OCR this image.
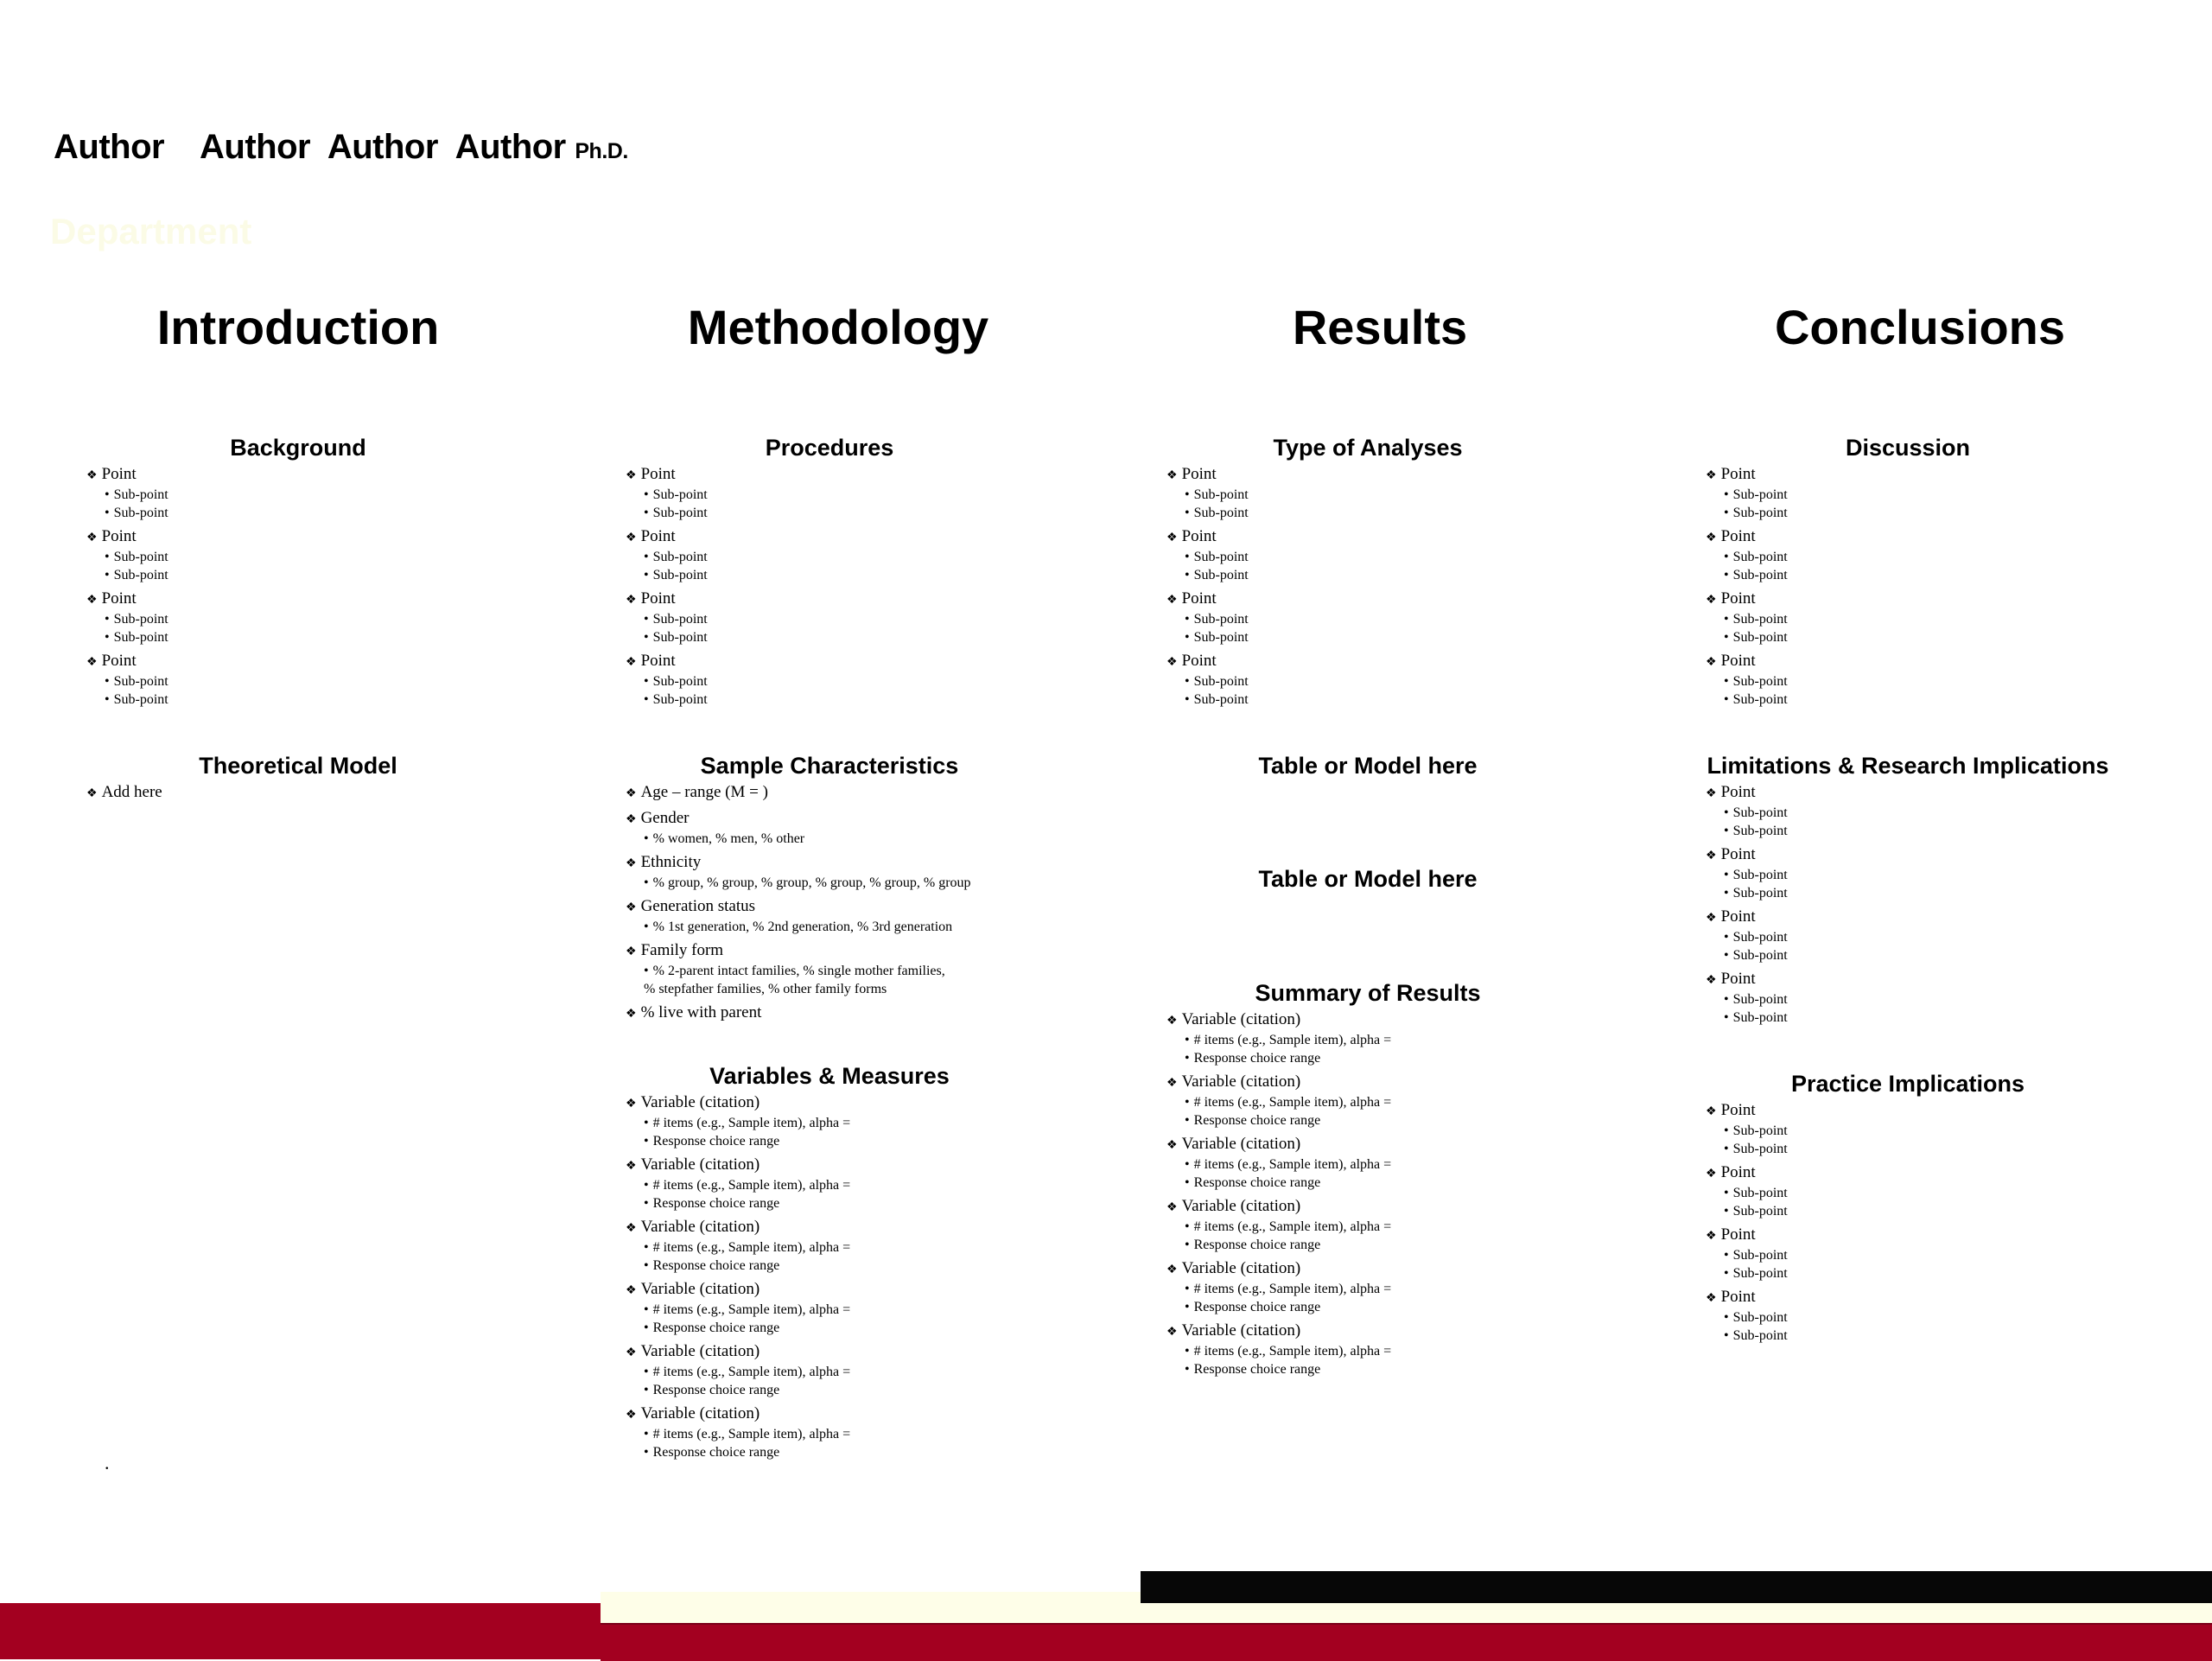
Author    Author  Author  Author Ph.D.
Department
Introduction
Background
❖ Point
• Sub-point
• Sub-point
❖ Point
• Sub-point
• Sub-point
❖ Point
• Sub-point
• Sub-point
❖ Point
• Sub-point
• Sub-point
Theoretical Model
❖ Add here
Methodology
Procedures
❖ Point
• Sub-point
• Sub-point
❖ Point
• Sub-point
• Sub-point
❖ Point
• Sub-point
• Sub-point
❖ Point
• Sub-point
• Sub-point
Sample Characteristics
❖ Age – range (M = )
❖ Gender
• % women, % men, % other
❖ Ethnicity
• % group, % group, % group, % group, % group, % group
❖ Generation status
• % 1st generation, % 2nd generation, % 3rd generation
❖ Family form
• % 2-parent intact families, % single mother families,
% stepfather families, % other family forms
❖ % live with parent
Variables & Measures
❖ Variable (citation)
• # items (e.g., Sample item), alpha =
• Response choice range
❖ Variable (citation)
• # items (e.g., Sample item), alpha =
• Response choice range
❖ Variable (citation)
• # items (e.g., Sample item), alpha =
• Response choice range
❖ Variable (citation)
• # items (e.g., Sample item), alpha =
• Response choice range
❖ Variable (citation)
• # items (e.g., Sample item), alpha =
• Response choice range
❖ Variable (citation)
• # items (e.g., Sample item), alpha =
• Response choice range
Results
Type of Analyses
❖ Point
• Sub-point
• Sub-point
❖ Point
• Sub-point
• Sub-point
❖ Point
• Sub-point
• Sub-point
❖ Point
• Sub-point
• Sub-point
Table or Model here
Table or Model here
Summary of Results
❖ Variable (citation)
• # items (e.g., Sample item), alpha =
• Response choice range
❖ Variable (citation)
• # items (e.g., Sample item), alpha =
• Response choice range
❖ Variable (citation)
• # items (e.g., Sample item), alpha =
• Response choice range
❖ Variable (citation)
• # items (e.g., Sample item), alpha =
• Response choice range
❖ Variable (citation)
• # items (e.g., Sample item), alpha =
• Response choice range
❖ Variable (citation)
• # items (e.g., Sample item), alpha =
• Response choice range
Conclusions
Discussion
❖ Point
• Sub-point
• Sub-point
❖ Point
• Sub-point
• Sub-point
❖ Point
• Sub-point
• Sub-point
❖ Point
• Sub-point
• Sub-point
Limitations & Research Implications
❖ Point
• Sub-point
• Sub-point
❖ Point
• Sub-point
• Sub-point
❖ Point
• Sub-point
• Sub-point
❖ Point
• Sub-point
• Sub-point
Practice Implications
❖ Point
• Sub-point
• Sub-point
❖ Point
• Sub-point
• Sub-point
❖ Point
• Sub-point
• Sub-point
❖ Point
• Sub-point
• Sub-point
.
